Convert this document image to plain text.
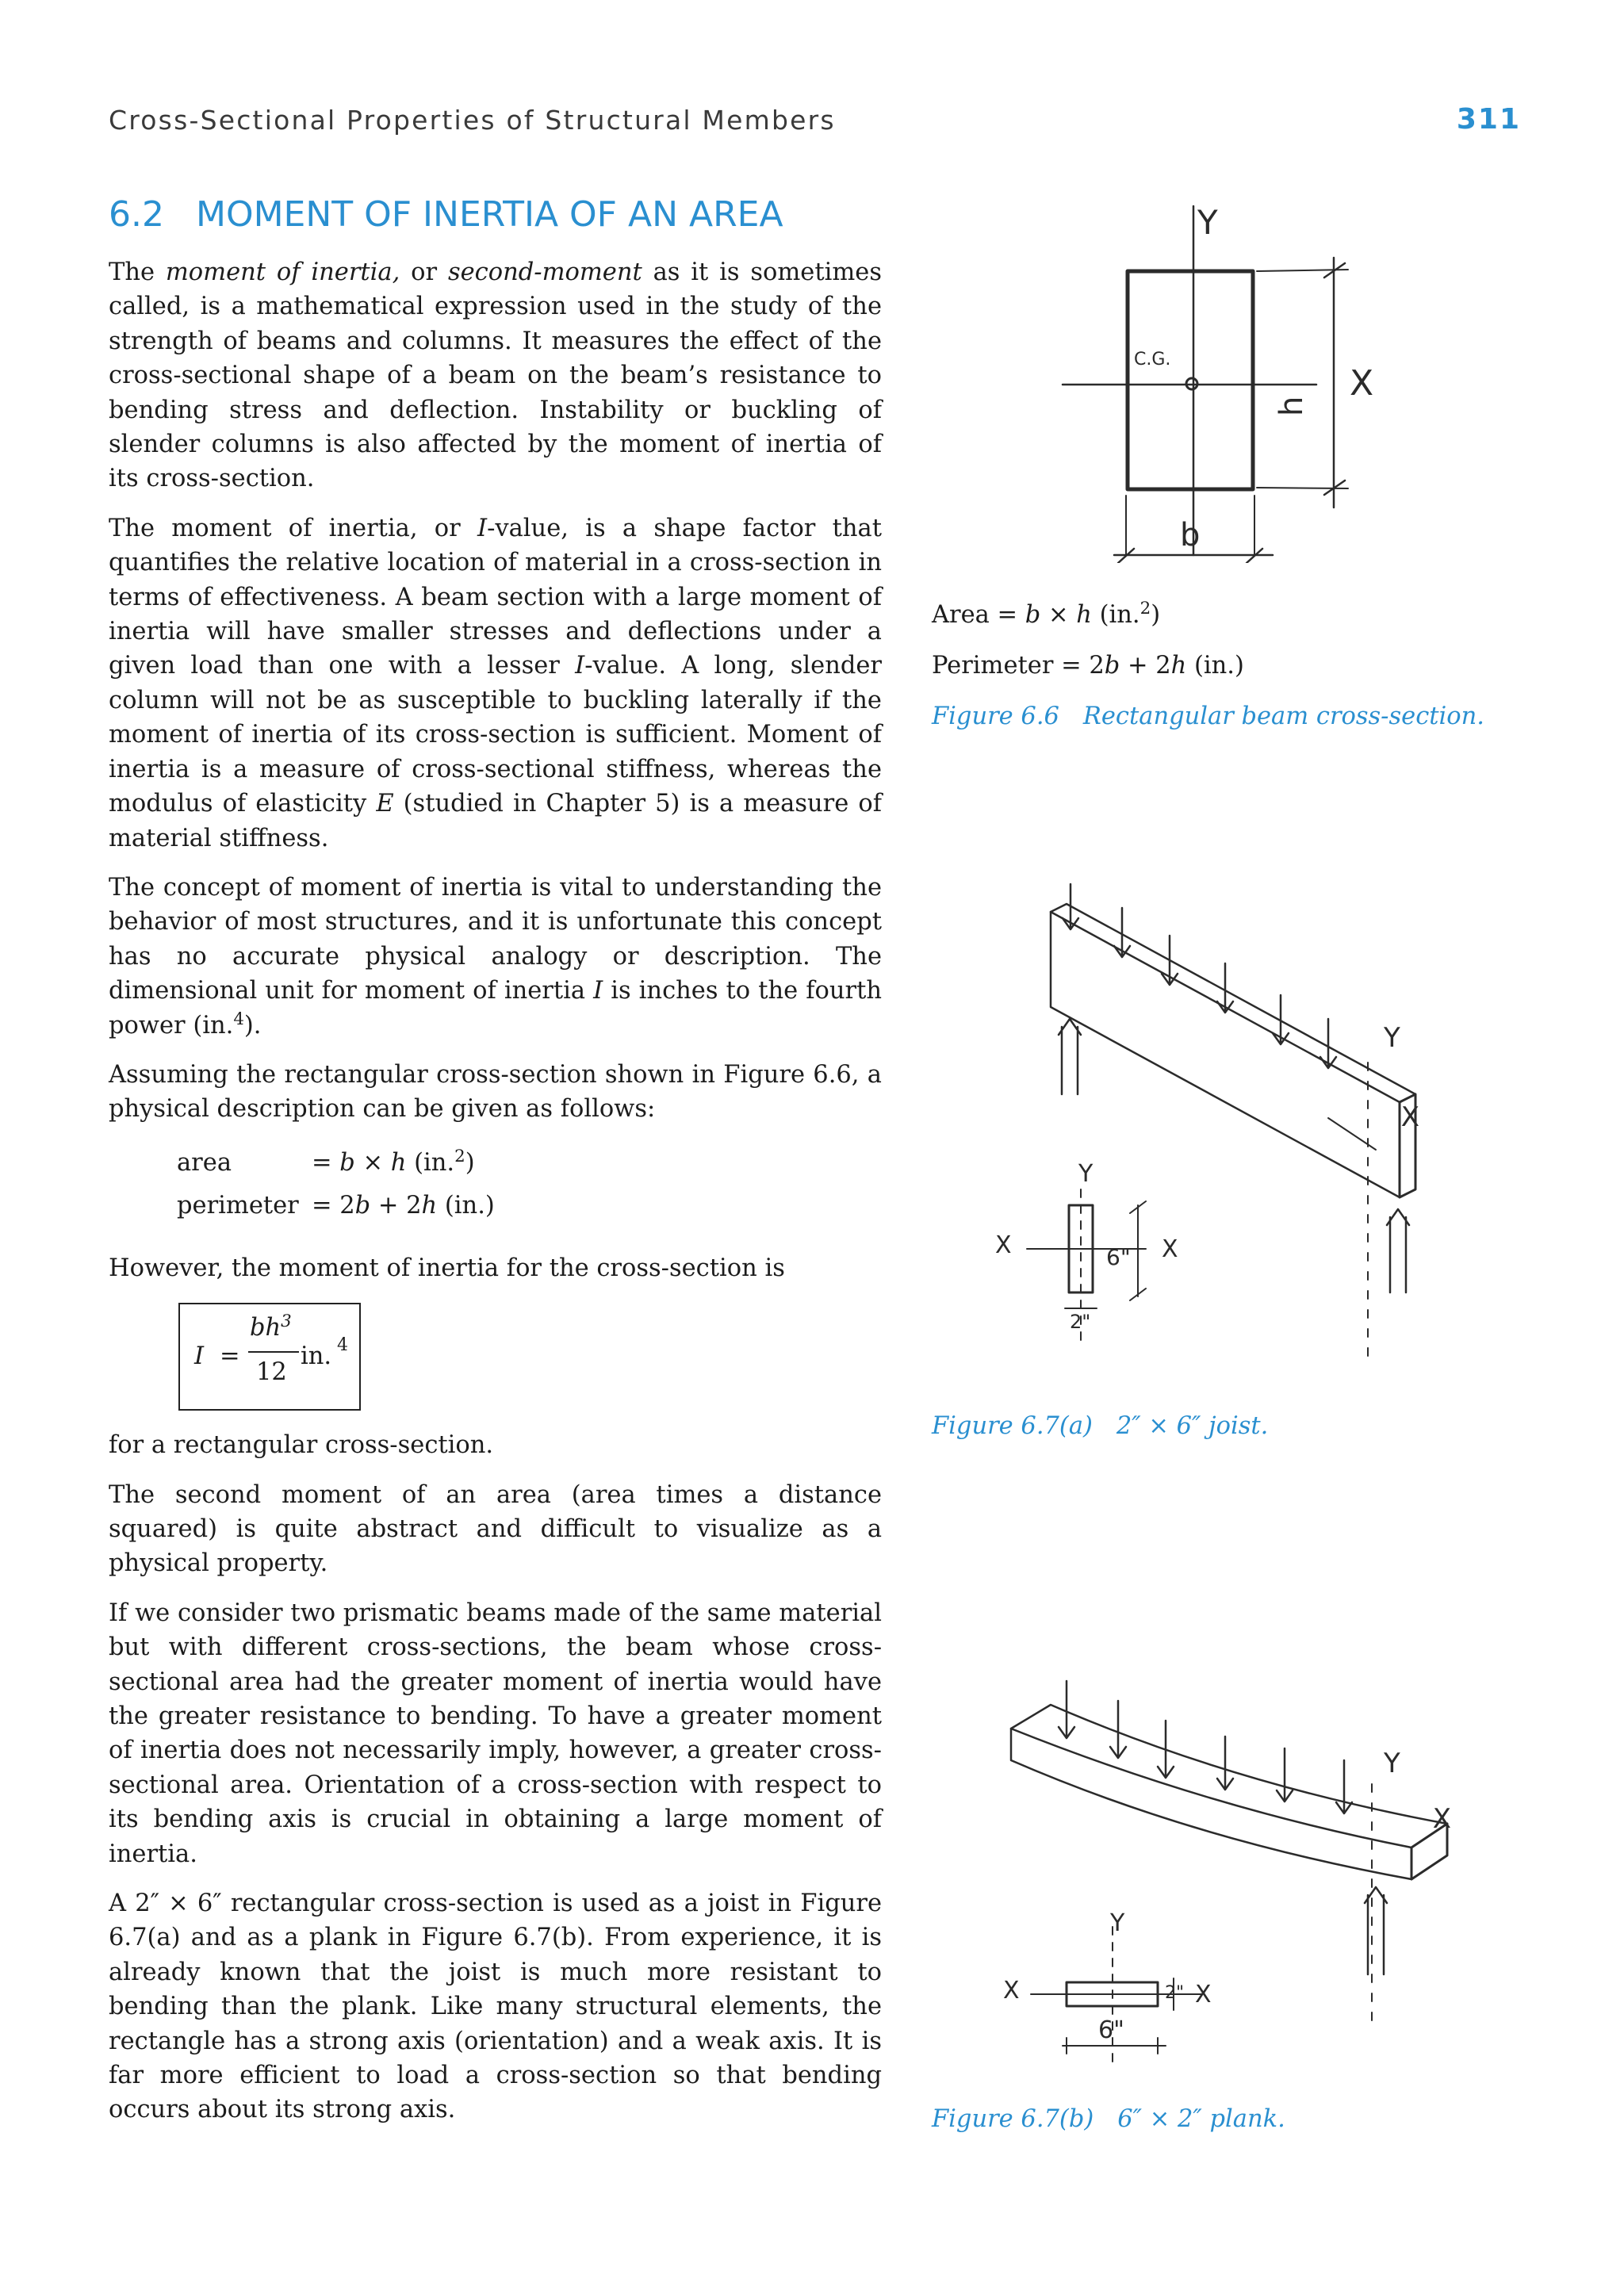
Cross-Sectional Properties of Structural Members	311
6.2 MOMENT OF INERTIA OF AN AREA

The moment of inertia, or second-moment as it is sometimes called, is a mathematical expression used in the study of the strength of beams and columns. It measures the effect of the cross-sectional shape of a beam on the beam’s resistance to bending stress and deflection. Instability or buckling of slender columns is also affected by the moment of inertia of its cross-section.

The moment of inertia, or I-value, is a shape factor that quantifies the relative location of material in a cross-section in terms of effectiveness. A beam section with a large moment of inertia will have smaller stresses and deflections under a given load than one with a lesser I-value. A long, slender column will not be as susceptible to buckling laterally if the moment of inertia of its cross-section is sufficient. Moment of inertia is a measure of cross-sectional stiffness, whereas the modulus of elasticity E (studied in Chapter 5) is a measure of material stiffness.

The concept of moment of inertia is vital to understanding the behavior of most structures, and it is unfortunate this concept has no accurate physical analogy or description. The dimensional unit for moment of inertia I is inches to the fourth power (in.$^4$).

Assuming the rectangular cross-section shown in Figure 6.6, a physical description can be given as follows:

area	= b × h (in.$^2$)
perimeter = 2b + 2h (in.)

However, the moment of inertia for the cross-section is

I =
$bh^3$
12
in. 4

for a rectangular cross-section.

The second moment of an area (area times a distance squared) is quite abstract and difficult to visualize as a physical property.

If we consider two prismatic beams made of the same material but with different cross-sections, the beam whose cross-sectional area had the greater moment of inertia would have the greater resistance to bending. To have a greater moment of inertia does not necessarily imply, however, a greater cross-sectional area. Orientation of a cross-section with respect to its bending axis is crucial in obtaining a large moment of inertia.

A 2″ × 6″ rectangular cross-section is used as a joist in Figure 6.7(a) and as a plank in Figure 6.7(b). From experience, it is already known that the joist is much more resistant to bending than the plank. Like many structural elements, the rectangle has a strong axis (orientation) and a weak axis. It is far more efficient to load a cross-section so that bending occurs about its strong axis.

Y
X
C.G.
h
b
Area = b × h (in.$^2$)
Perimeter = 2b + 2h (in.)
Figure 6.6 Rectangular beam cross-section.
Y
X
X	X
Y
6"
2"
Figure 6.7(a) 2″ × 6″ joist.
Y
X
X	X
Y
6"
2"
Figure 6.7(b) 6″ × 2″ plank.
